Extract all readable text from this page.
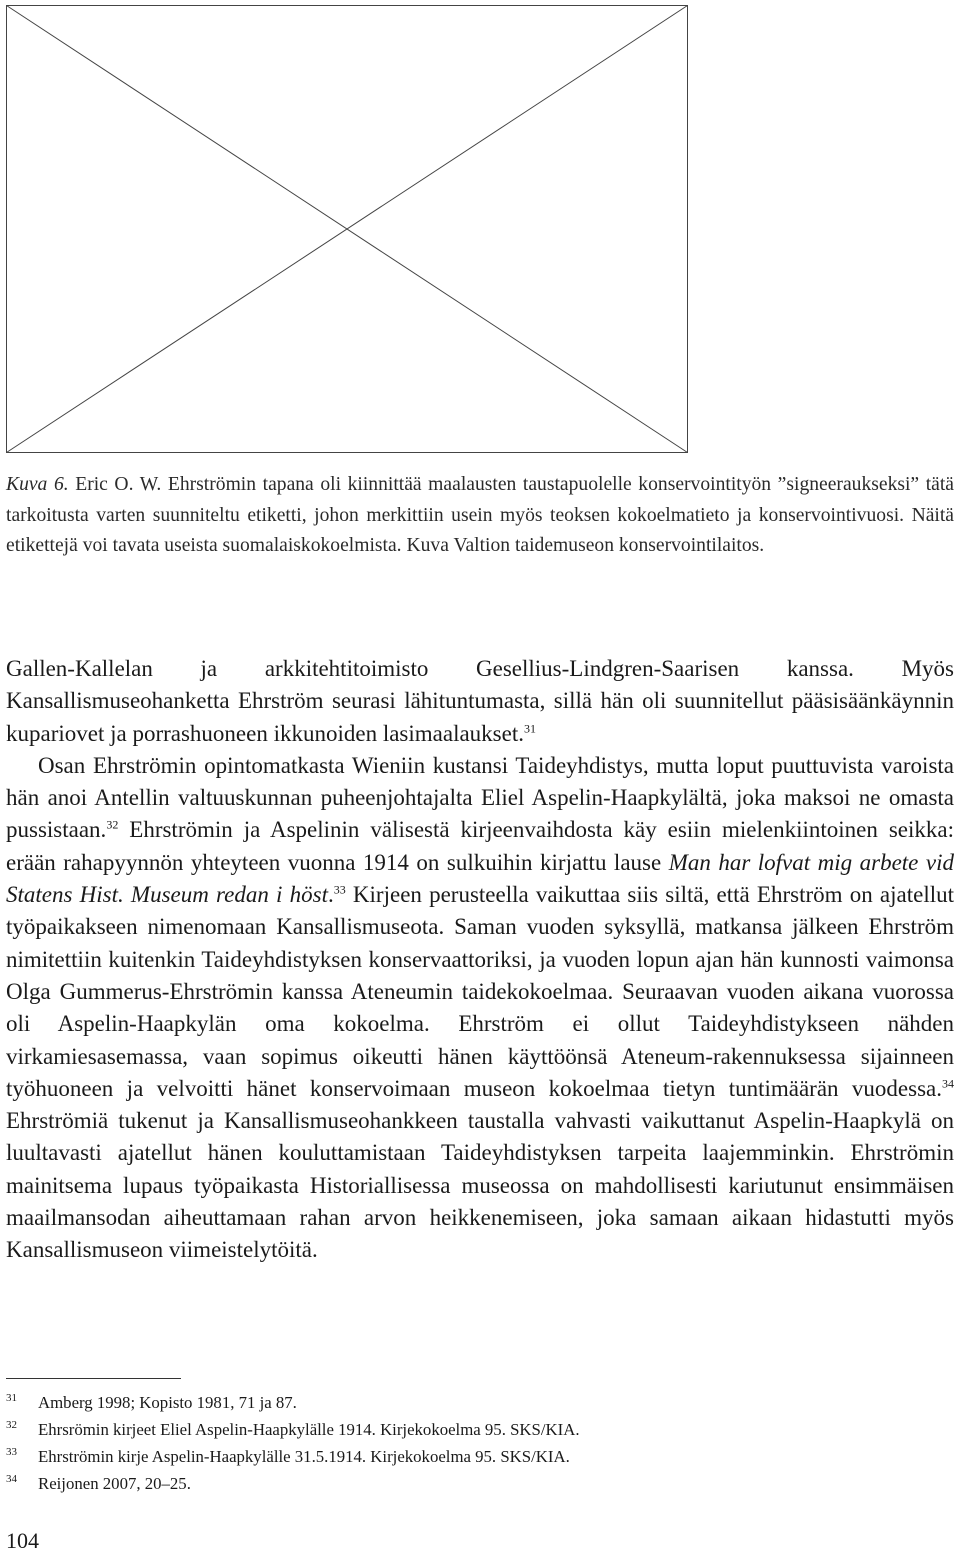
Kuva 6. Eric O. W. Ehrströmin tapana oli kiinnittää maalausten taustapuolelle konservointityön ”signeeraukseksi” tätä tarkoitusta varten suunniteltu etiketti, johon merkittiin usein myös teoksen kokoelmatieto ja konservointivuosi. Näitä etikettejä voi tavata useista suomalaiskokoelmista. Kuva Valtion taidemuseon konservointilaitos.

Gallen-Kallelan ja arkkitehtitoimisto Gesellius-Lindgren-Saarisen kanssa. Myös Kansallismuseohanketta Ehrström seurasi lähituntumasta, sillä hän oli suunnitellut pääsisäänkäynnin kupariovet ja porrashuoneen ikkunoiden lasimaalaukset.$^{31}$

Osan Ehrströmin opintomatkasta Wieniin kustansi Taideyhdistys, mutta loput puuttuvista varoista hän anoi Antellin valtuuskunnan puheenjohtajalta Eliel Aspelin-Haapkylältä, joka maksoi ne omasta pussistaan.$^{32}$ Ehrströmin ja Aspelinin välisestä kirjeenvaihdosta käy esiin mielenkiintoinen seikka: erään rahapyynnön yhteyteen vuonna 1914 on sulkuihin kirjattu lause Man har lofvat mig arbete vid Statens Hist. Museum redan i höst.$^{33}$ Kirjeen perusteella vaikuttaa siis siltä, että Ehrström on ajatellut työpaikakseen nimenomaan Kansallismuseota. Saman vuoden syksyllä, matkansa jälkeen Ehrström nimitettiin kuitenkin Taideyhdistyksen konservaattoriksi, ja vuoden lopun ajan hän kunnosti vaimonsa Olga Gummerus-Ehrströmin kanssa Ateneumin taidekokoelmaa. Seuraavan vuoden aikana vuorossa oli Aspelin-Haapkylän oma kokoelma. Ehrström ei ollut Taideyhdistykseen nähden virkamiesasemassa, vaan sopimus oikeutti hänen käyttöönsä Ateneum-rakennuksessa sijainneen työhuoneen ja velvoitti hänet konservoimaan museon kokoelmaa tietyn tuntimäärän vuodessa.$^{34}$ Ehrströmiä tukenut ja Kansallismuseohankkeen taustalla vahvasti vaikuttanut Aspelin-Haapkylä on luultavasti ajatellut hänen kouluttamistaan Taideyhdistyksen tarpeita laajemminkin. Ehrströmin mainitsema lupaus työpaikasta Historiallisessa museossa on mahdollisesti kariutunut ensimmäisen maailmansodan aiheuttamaan rahan arvon heikkenemiseen, joka samaan aikaan hidastutti myös Kansallismuseon viimeistelytöitä.

31 Amberg 1998; Kopisto 1981, 71 ja 87.
32 Ehrsrömin kirjeet Eliel Aspelin-Haapkylälle 1914. Kirjekokoelma 95. SKS/KIA.
33 Ehrströmin kirje Aspelin-Haapkylälle 31.5.1914. Kirjekokoelma 95. SKS/KIA.
34 Reijonen 2007, 20–25.
104
